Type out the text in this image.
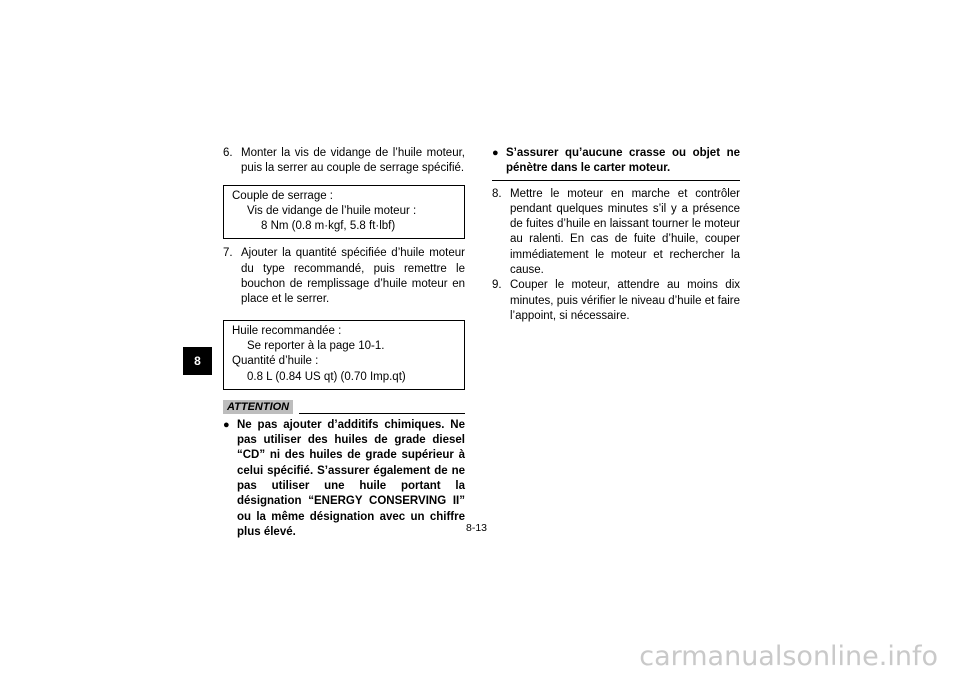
8
6. Monter la vis de vidange de l’huile moteur, puis la serrer au couple de serrage spécifié.
Couple de serrage :
Vis de vidange de l’huile moteur :
8 Nm (0.8 m·kgf, 5.8 ft·lbf)
7. Ajouter la quantité spécifiée d’huile moteur du type recommandé, puis remettre le bouchon de remplissage d’huile moteur en place et le serrer.
Huile recommandée :
Se reporter à la page 10-1.
Quantité d’huile :
0.8 L (0.84 US qt) (0.70 Imp.qt)
ATTENTION
● Ne pas ajouter d’additifs chimiques. Ne pas utiliser des huiles de grade diesel “CD” ni des huiles de grade supérieur à celui spécifié. S’assurer également de ne pas utiliser une huile portant la désignation “ENERGY CONSERVING II” ou la même désignation avec un chiffre plus élevé.
● S’assurer qu’aucune crasse ou objet ne pénètre dans le carter moteur.
8. Mettre le moteur en marche et contrôler pendant quelques minutes s’il y a présence de fuites d’huile en laissant tourner le moteur au ralenti. En cas de fuite d’huile, couper immédiatement le moteur et rechercher la cause.
9. Couper le moteur, attendre au moins dix minutes, puis vérifier le niveau d’huile et faire l’appoint, si nécessaire.
8-13
carmanualsonline.info
